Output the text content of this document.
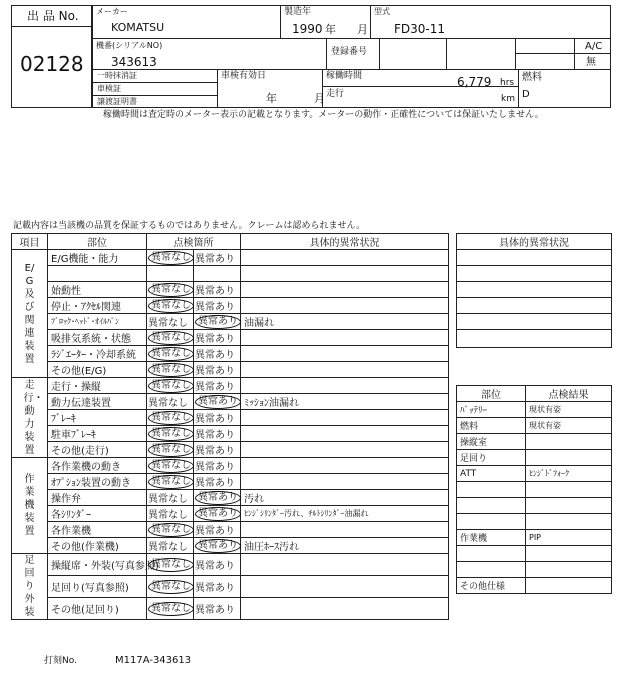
出 品 No.
02128
メーカー
KOMATSU
製造年
1990 年 月
型式
FD30-11
機番(シリアルNO)
343613
登録番号	A/C
無
一時抹消証
車検証
譲渡証明書
車検有効日
年	月
稼働時間	6,779 hrs
走行	km
燃料
D
稼働時間は査定時のメーター表示の記載となります。メーターの動作・正確性については保証いたしません。
記載内容は当該機の品質を保証するものではありません。クレームは認められません。
項目	部位	点検箇所		具体的異常状況

E/G及び関連装置	E/G機能・能力	異常なし	異常あり	

	始動性	異常なし	異常あり	
	停止・ｱｸｾﾙ関連	異常なし	異常あり	
	ﾌﾞﾛｯｸ･ﾍｯﾄﾞ･ｵｲﾙﾊﾟﾝ	異常なし	異常あり	油漏れ
	吸排気系統・状態	異常なし	異常あり	
	ﾗｼﾞｴｰﾀｰ・冷却系統	異常なし	異常あり	
	その他(E/G)	異常なし	異常あり	

走行・動力装置	走行・操縦	異常なし	異常あり	
	動力伝達装置	異常なし	異常あり	ﾐｯｼｮﾝ油漏れ
	ﾌﾞﾚｰｷ	異常なし	異常あり	
	駐車ﾌﾞﾚｰｷ	異常なし	異常あり	
	その他(走行)	異常なし	異常あり	

作業機装置	各作業機の動き	異常なし	異常あり	
	ｵﾌﾟｼｮﾝ装置の動き	異常なし	異常あり	
	操作弁	異常なし	異常あり	汚れ
	各ｼﾘﾝﾀﾞｰ	異常なし	異常あり	ﾋﾝｼﾞｼﾘﾝﾀﾞｰ汚れ、ﾁﾙﾄｼﾘﾝﾀﾞｰ油漏れ
	各作業機	異常なし	異常あり	
	その他(作業機)	異常なし	異常あり	油圧ﾎｰｽ汚れ

足回り外装	操縦席・外装(写真参照)	異常なし	異常あり	
	足回り(写真参照)	異常なし	異常あり	
	その他(足回り)	異常なし	異常あり	
具体的異常状況

部位	点検結果
ﾊﾞｯﾃﾘｰ	現状有姿
燃料	現状有姿
操縦室	
足回り	
ATT	ﾋﾝｼﾞﾄﾞﾌｫｰｸ

作業機	PIP

その他仕様	
打刻No.	M117A-343613
